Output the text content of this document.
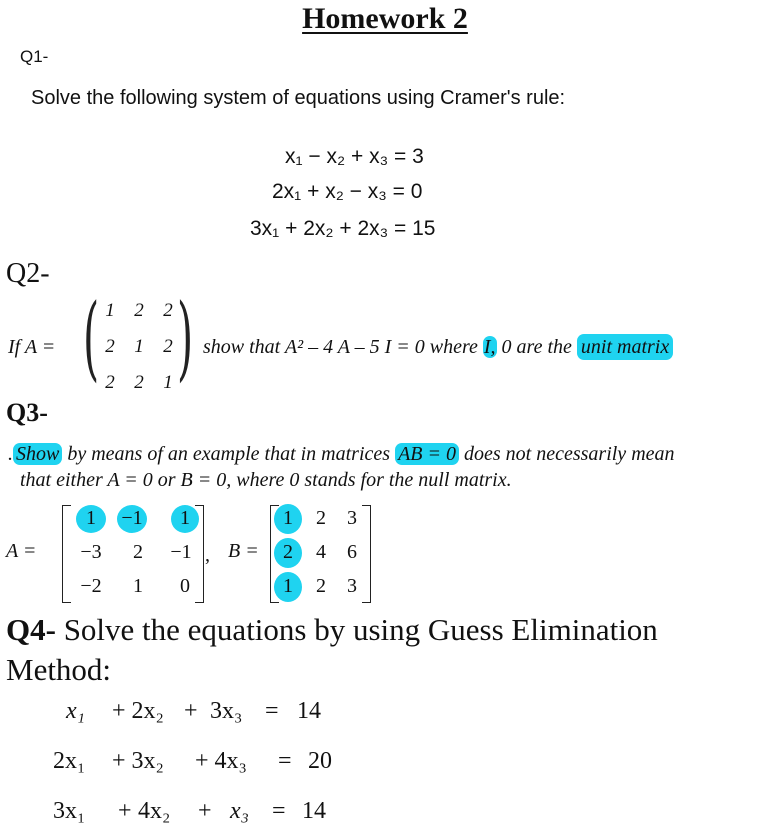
Homework 2
Q1-
Solve the following system of equations using Cramer's rule:
x₁ − x₂ + x₃ = 3
2x₁ + x₂ − x₃ = 0
3x₁ + 2x₂ + 2x₃ = 15
Q2-
If A = ( )
1	2	2
2	1	2
2	2	1
show that A² – 4 A – 5 I = 0 where I, 0 are the unit matrix
Q3-
. Show by means of an example that in matrices AB = 0 does not necessarily mean
that either A = 0 or B = 0, where 0 stands for the null matrix.
A =
1	−1	1
−3	2	−1
−2	1	0
, B =
1	2	3
2	4	6
1	2	3
Q4- Solve the equations by using Guess Elimination
Method:
x₁ + 2x₂ + 3x₃ = 14
2x₁ + 3x₂ + 4x₃ = 20
3x₁ + 4x₂ + x₃ = 14
